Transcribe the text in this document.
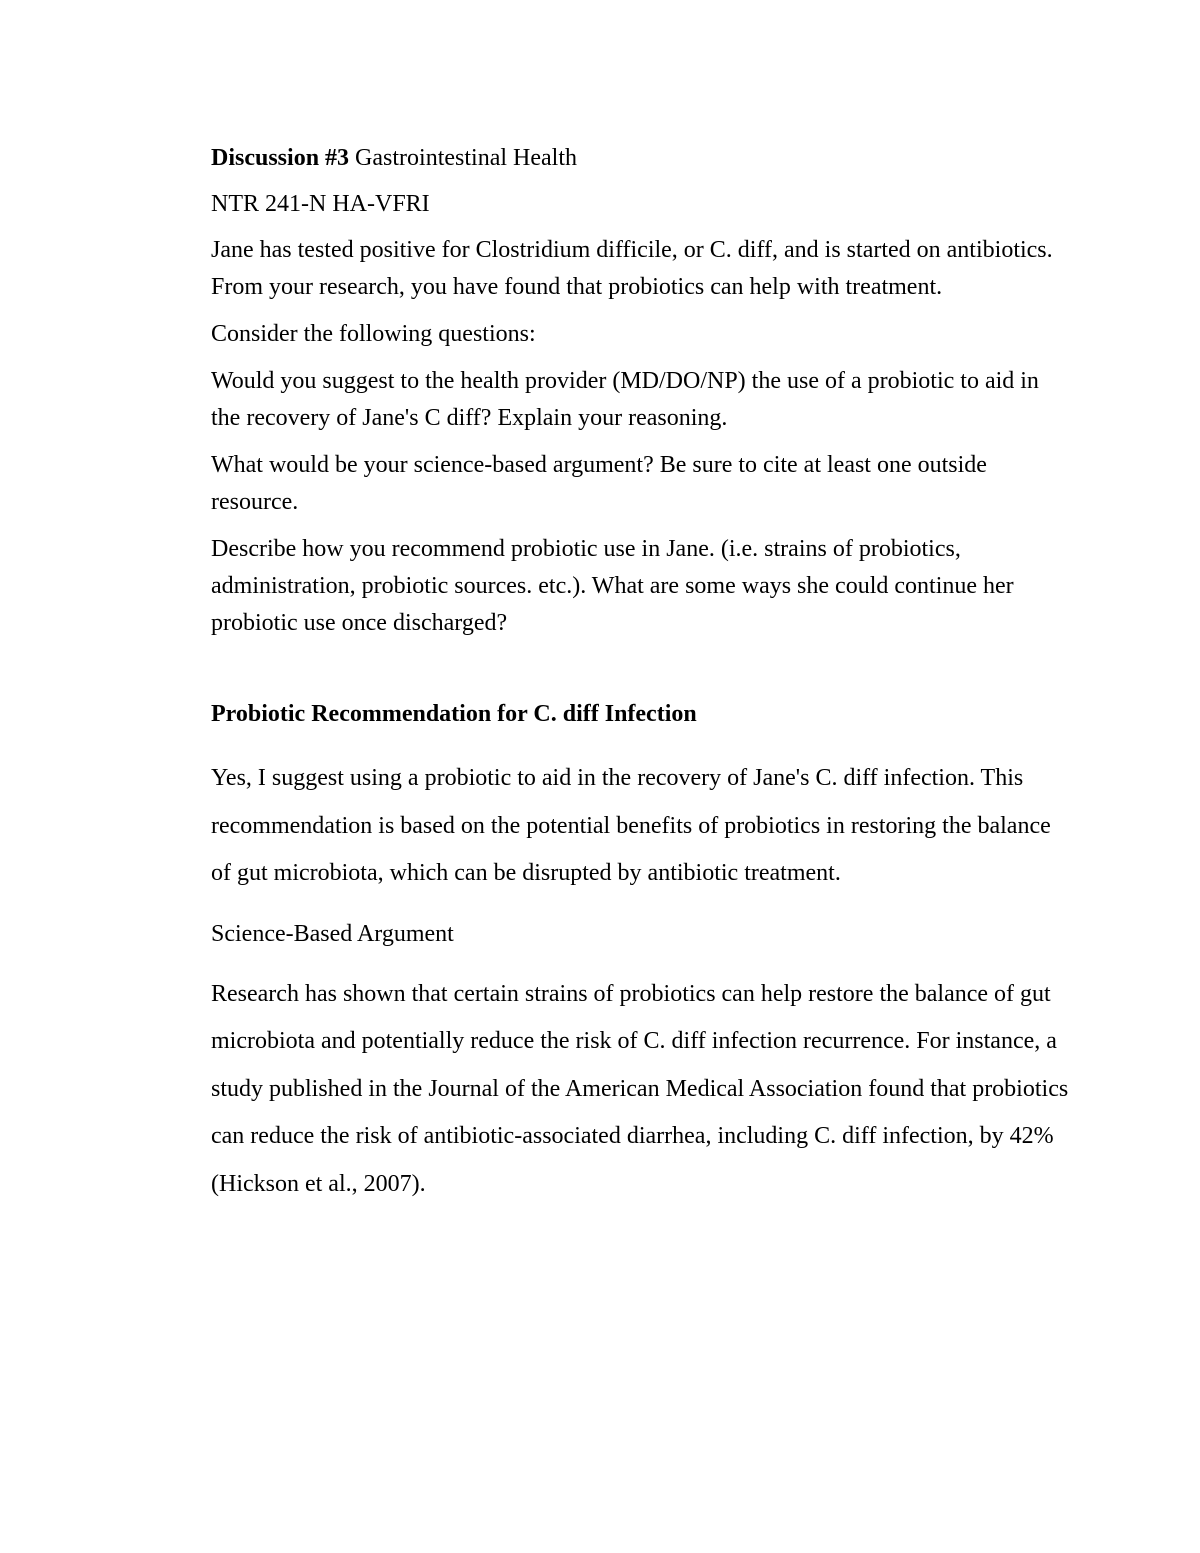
Discussion #3 Gastrointestinal Health

NTR 241-N HA-VFRI

Jane has tested positive for Clostridium difficile, or C. diff, and is started on antibiotics. From your research, you have found that probiotics can help with treatment.

Consider the following questions:

Would you suggest to the health provider (MD/DO/NP) the use of a probiotic to aid in the recovery of Jane's C diff? Explain your reasoning.

What would be your science-based argument? Be sure to cite at least one outside resource.

Describe how you recommend probiotic use in Jane. (i.e. strains of probiotics, administration, probiotic sources. etc.). What are some ways she could continue her probiotic use once discharged?

Probiotic Recommendation for C. diff Infection

Yes, I suggest using a probiotic to aid in the recovery of Jane's C. diff infection. This recommendation is based on the potential benefits of probiotics in restoring the balance of gut microbiota, which can be disrupted by antibiotic treatment.

Science-Based Argument

Research has shown that certain strains of probiotics can help restore the balance of gut microbiota and potentially reduce the risk of C. diff infection recurrence. For instance, a study published in the Journal of the American Medical Association found that probiotics can reduce the risk of antibiotic-associated diarrhea, including C. diff infection, by 42% (Hickson et al., 2007).
